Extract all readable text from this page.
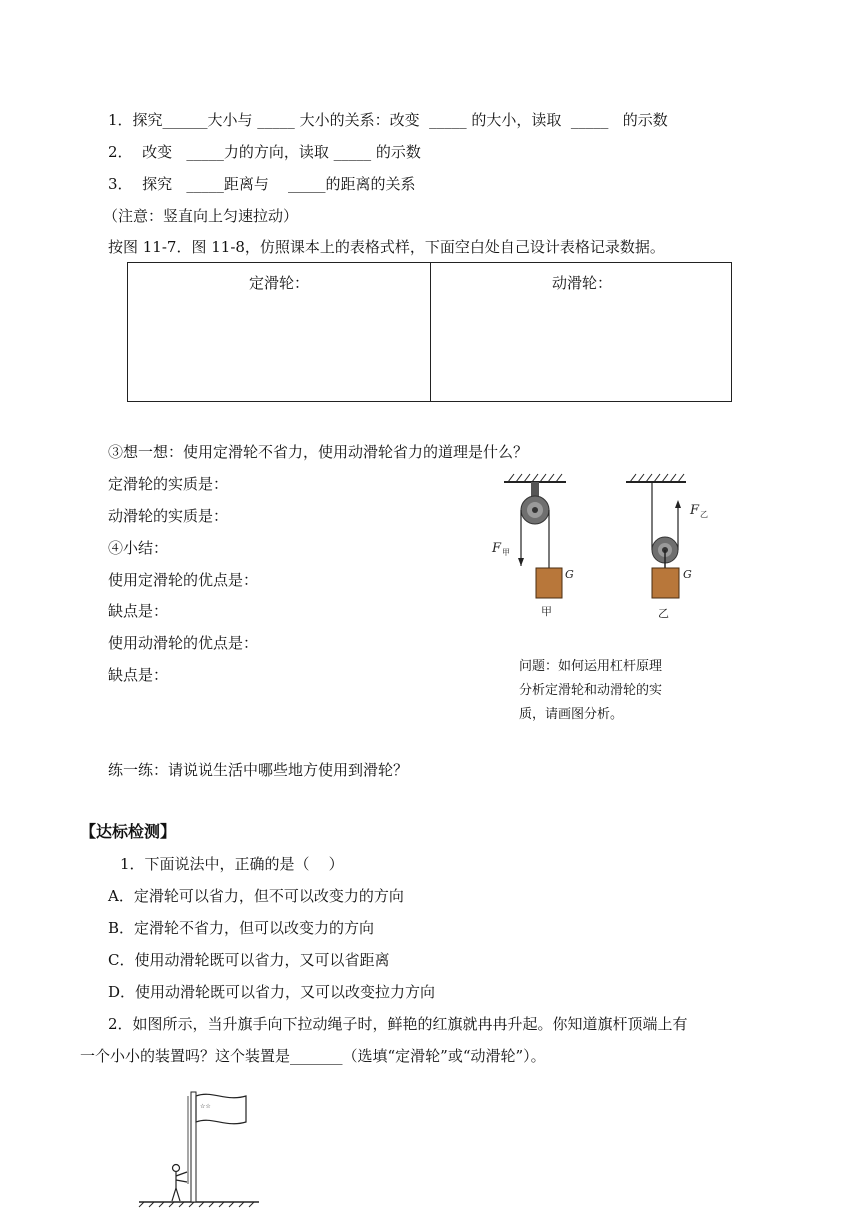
1．探究______大小与 _____ 大小的关系：改变  _____ 的大小，读取  _____   的示数
2．  改变   _____力的方向，读取 _____ 的示数
3．  探究   _____距离与    _____的距离的关系
（注意：竖直向上匀速拉动）
按图 11-7．图 11-8，仿照课本上的表格式样，下面空白处自己设计表格记录数据。
定滑轮：	动滑轮：
③想一想：使用定滑轮不省力，使用动滑轮省力的道理是什么？
定滑轮的实质是：
动滑轮的实质是：
④小结：
使用定滑轮的优点是：
缺点是：
使用动滑轮的优点是：
缺点是：
F 甲
G
甲
F 乙
G
乙
问题：如何运用杠杆原理
分析定滑轮和动滑轮的实
质，请画图分析。
练一练：请说说生活中哪些地方使用到滑轮？
【达标检测】
1．下面说法中，正确的是（    ）
A．定滑轮可以省力，但不可以改变力的方向
B．定滑轮不省力，但可以改变力的方向
C．使用动滑轮既可以省力，又可以省距离
D．使用动滑轮既可以省力，又可以改变拉力方向
2．如图所示，当升旗手向下拉动绳子时，鲜艳的红旗就冉冉升起。你知道旗杆顶端上有
一个小小的装置吗？这个装置是_______（选填“定滑轮”或“动滑轮”）。
☆☆
